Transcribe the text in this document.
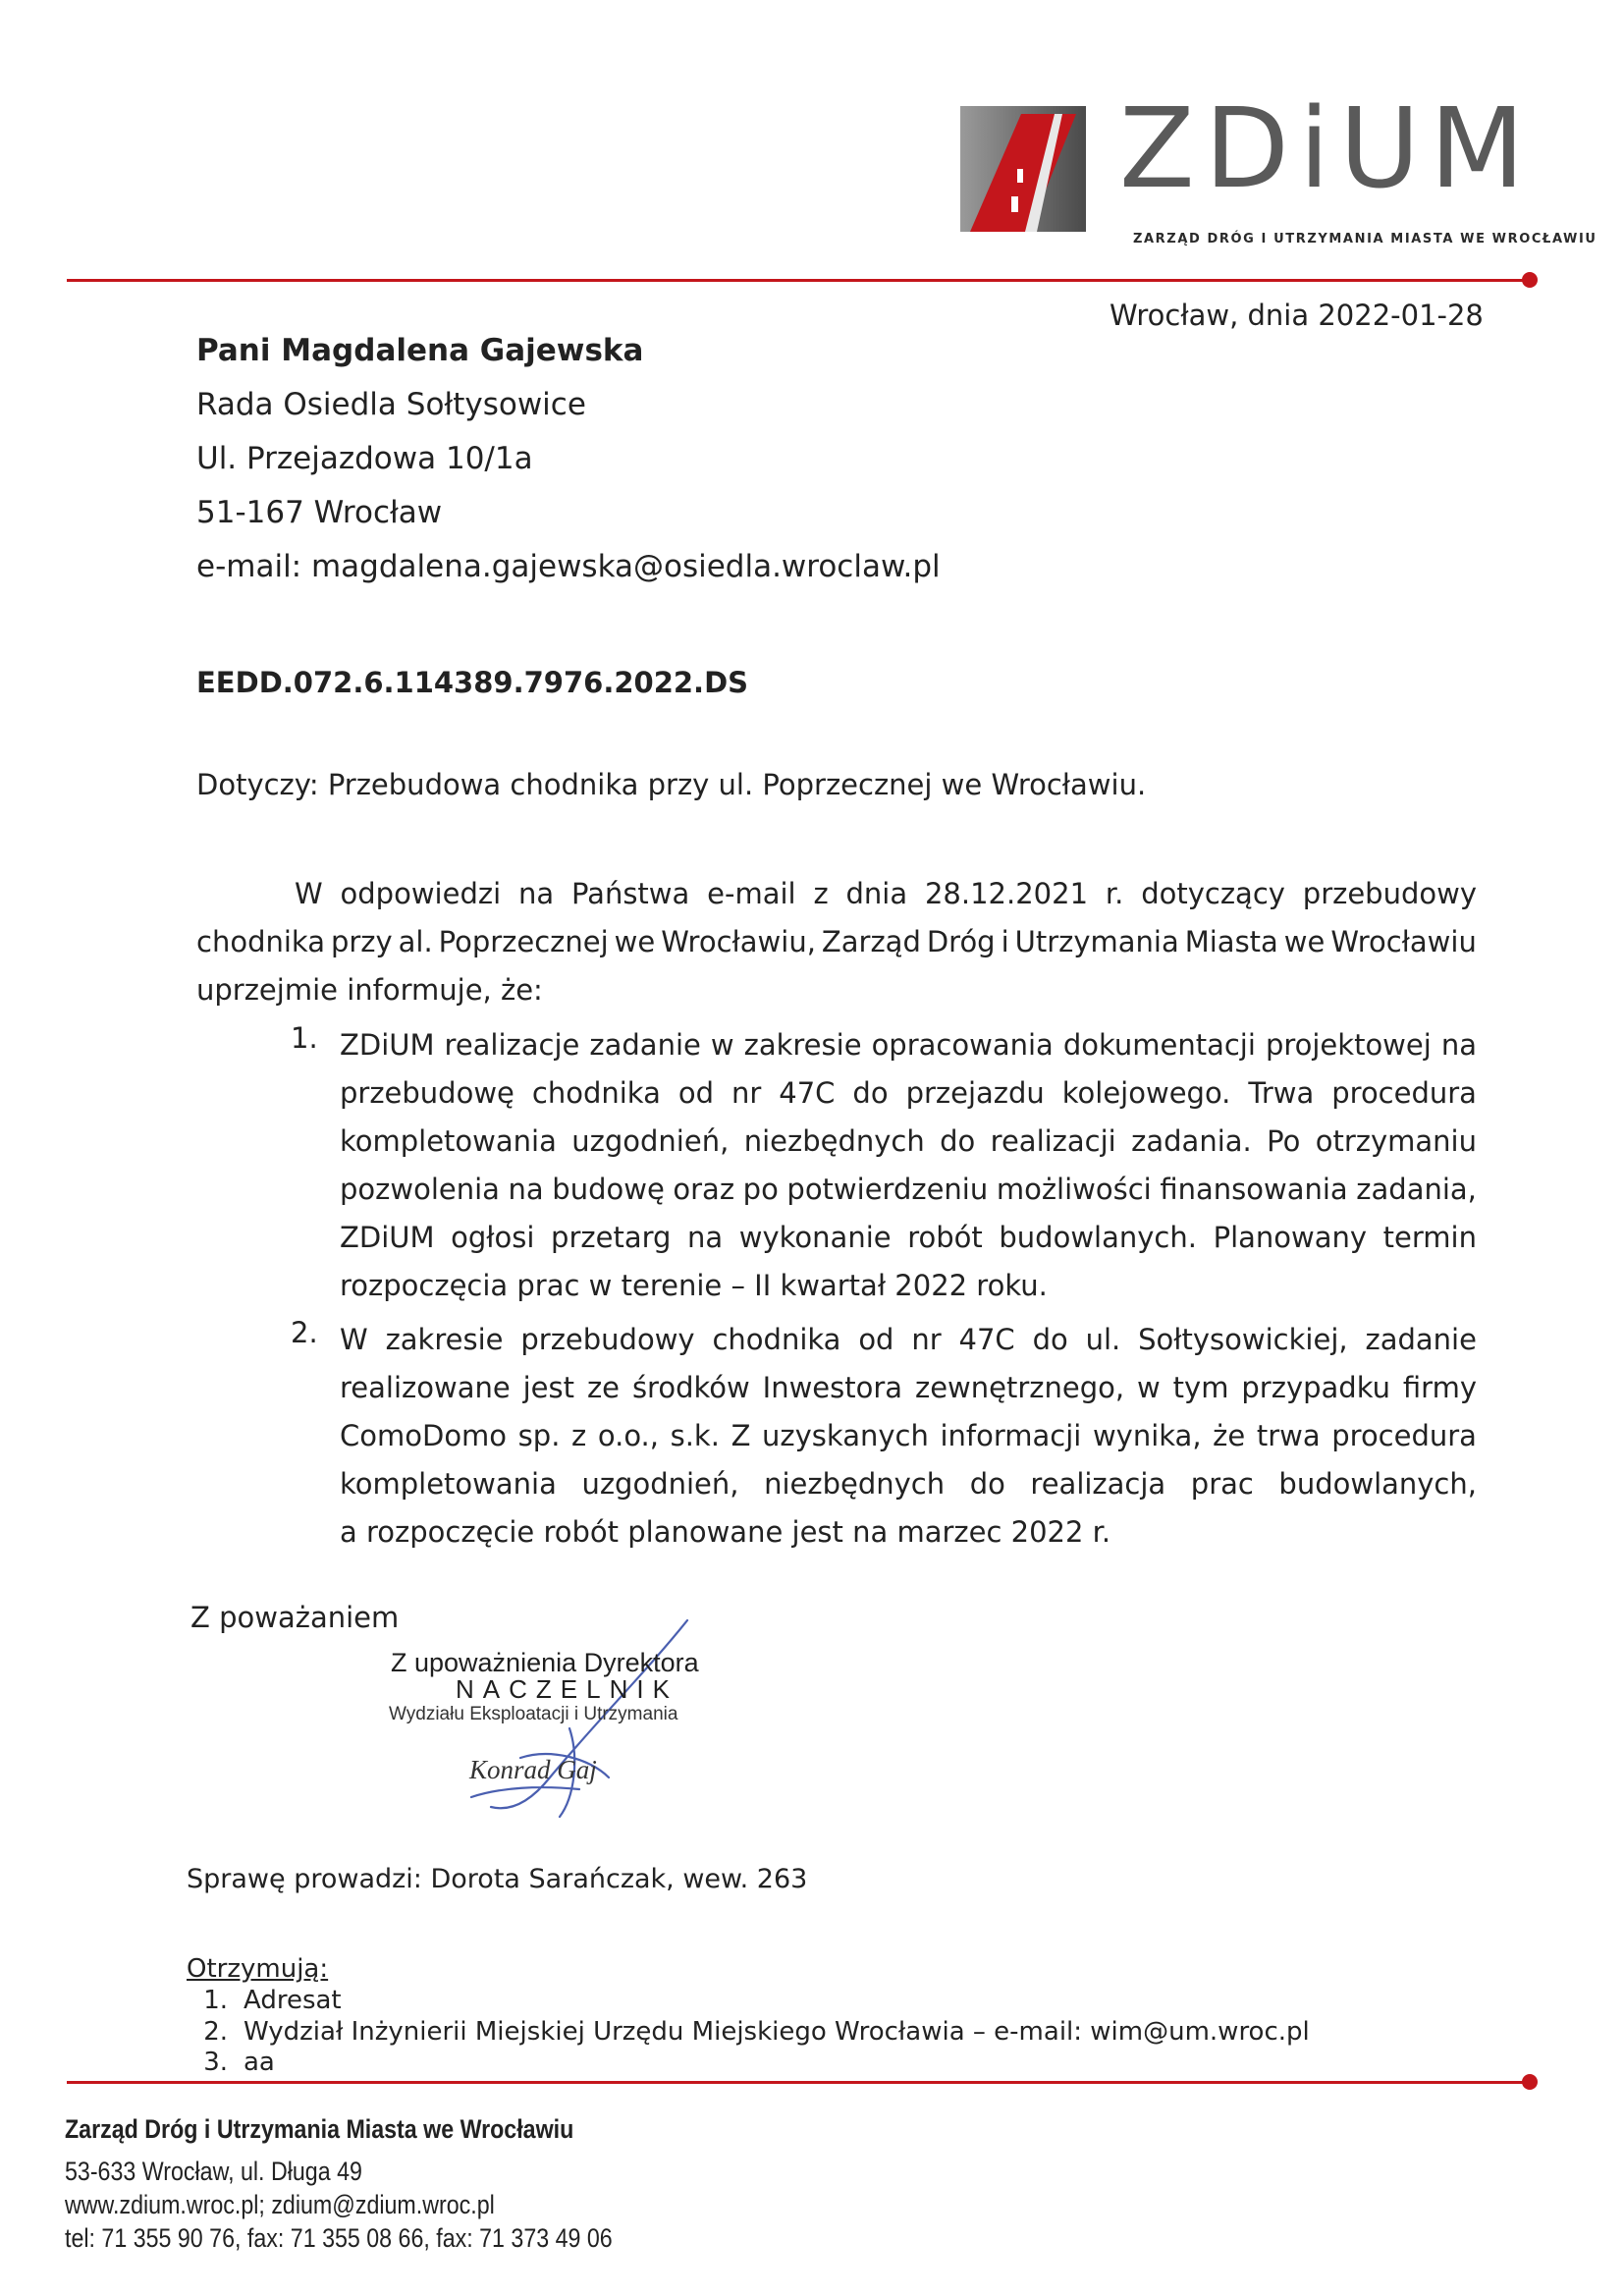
ZDiUM
ZARZĄD DRÓG I UTRZYMANIA MIASTA WE WROCŁAWIU
Wrocław, dnia 2022-01-28
Pani Magdalena Gajewska
Rada Osiedla Sołtysowice
Ul. Przejazdowa 10/1a
51-167 Wrocław
e-mail: magdalena.gajewska@osiedla.wroclaw.pl
EEDD.072.6.114389.7976.2022.DS
Dotyczy: Przebudowa chodnika przy ul. Poprzecznej we Wrocławiu.
W odpowiedzi na Państwa e-mail z dnia 28.12.2021 r. dotyczący przebudowy
chodnika przy al. Poprzecznej we Wrocławiu, Zarząd Dróg i Utrzymania Miasta we Wrocławiu
uprzejmie informuje, że:
1. ZDiUM realizacje zadanie w zakresie opracowania dokumentacji projektowej na
przebudowę chodnika od nr 47C do przejazdu kolejowego. Trwa procedura
kompletowania uzgodnień, niezbędnych do realizacji zadania. Po otrzymaniu
pozwolenia na budowę oraz po potwierdzeniu możliwości finansowania zadania,
ZDiUM ogłosi przetarg na wykonanie robót budowlanych. Planowany termin
rozpoczęcia prac w terenie – II kwartał 2022 roku.
2. W zakresie przebudowy chodnika od nr 47C do ul. Sołtysowickiej, zadanie
realizowane jest ze środków Inwestora zewnętrznego, w tym przypadku firmy
ComoDomo sp. z o.o., s.k. Z uzyskanych informacji wynika, że trwa procedura
kompletowania uzgodnień, niezbędnych do realizacja prac budowlanych,
a rozpoczęcie robót planowane jest na marzec 2022 r.
Z poważaniem
Z upoważnienia Dyrektora
NACZELNIK
Wydziału Eksploatacji i Utrzymania
Konrad Gaj
Sprawę prowadzi: Dorota Sarańczak, wew. 263
Otrzymują:
1. Adresat
2. Wydział Inżynierii Miejskiej Urzędu Miejskiego Wrocławia – e-mail: wim@um.wroc.pl
3. aa
Zarząd Dróg i Utrzymania Miasta we Wrocławiu
53-633 Wrocław, ul. Długa 49
www.zdium.wroc.pl; zdium@zdium.wroc.pl
tel: 71 355 90 76, fax: 71 355 08 66, fax: 71 373 49 06
